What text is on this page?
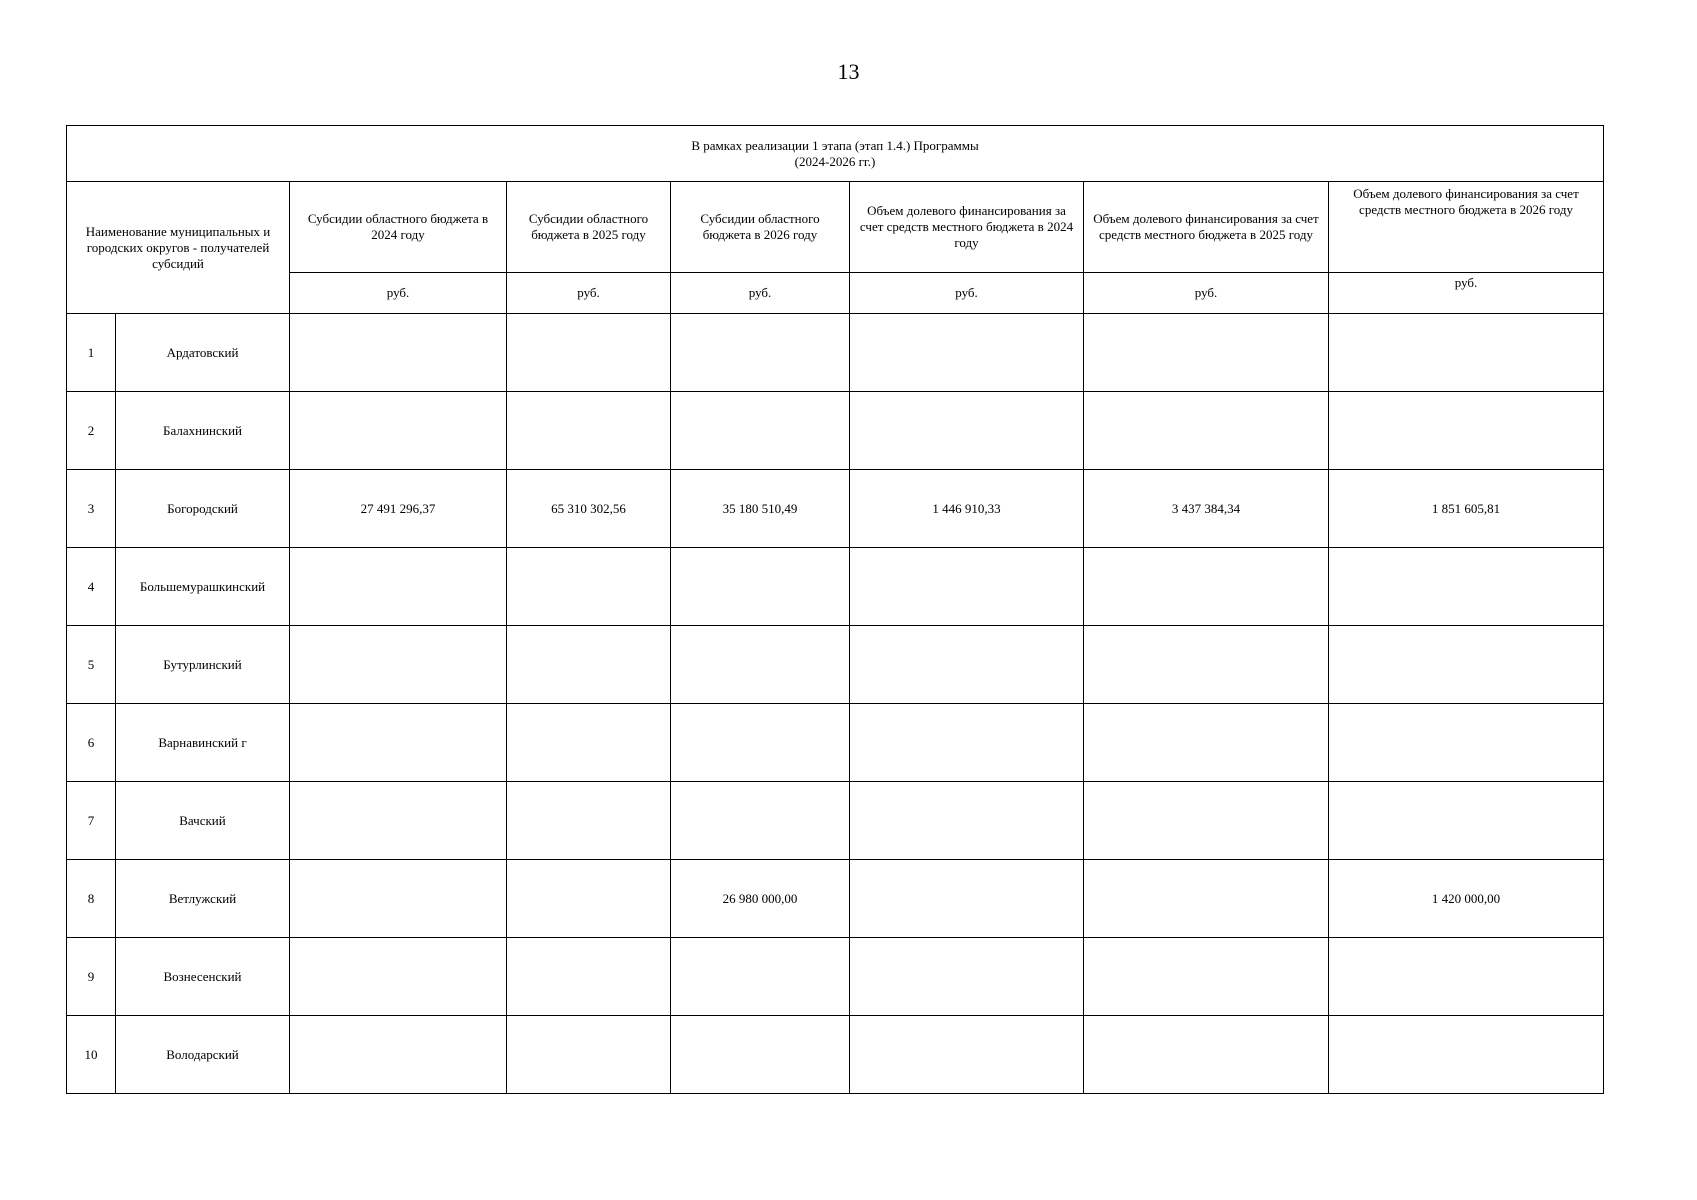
13
В рамках реализации 1 этапа (этап 1.4.) Программы
(2024-2026 гг.)							

Наименование муниципальных и городских округов - получателей субсидий		Субсидии областного бюджета в 2024 году	Субсидии областного бюджета в 2025 году	Субсидии областного бюджета в 2026 году	Объем долевого финансирования за счет средств местного бюджета в 2024 году	Объем долевого финансирования за счет средств местного бюджета в 2025 году	Объем долевого финансирования за счет средств местного бюджета в 2026 году
		руб.	руб.	руб.	руб.	руб.	руб.
1	Ардатовский						
2	Балахнинский						
3	Богородский	27 491 296,37	65 310 302,56	35 180 510,49	1 446 910,33	3 437 384,34	1 851 605,81
4	Большемурашкинский						
5	Бутурлинский						
6	Варнавинский г						
7	Вачский						
8	Ветлужский			26 980 000,00			1 420 000,00
9	Вознесенский						
10	Володарский						
